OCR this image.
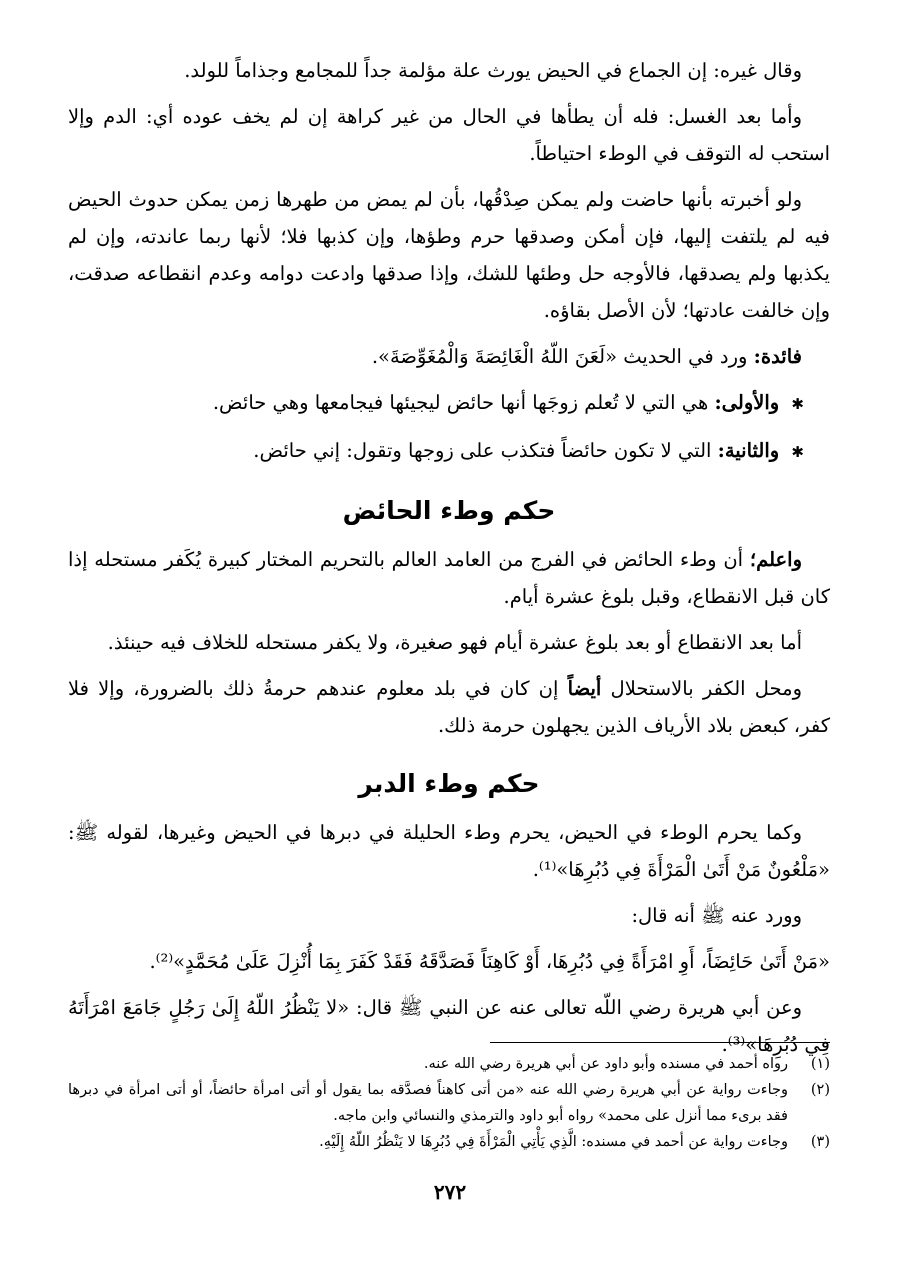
وقال غيره: إن الجماع في الحيض يورث علة مؤلمة جداً للمجامع وجذاماً للولد.

وأما بعد الغسل: فله أن يطأها في الحال من غير كراهة إن لم يخف عوده أي: الدم وإلا استحب له التوقف في الوطء احتياطاً.

ولو أخبرته بأنها حاضت ولم يمكن صِدْقُها، بأن لم يمض من طهرها زمن يمكن حدوث الحيض فيه لم يلتفت إليها، فإن أمكن وصدقها حرم وطؤها، وإن كذبها فلا؛ لأنها ربما عاندته، وإن لم يكذبها ولم يصدقها، فالأوجه حل وطئها للشك، وإذا صدقها وادعت دوامه وعدم انقطاعه صدقت، وإن خالفت عادتها؛ لأن الأصل بقاؤه.

فائدة: ورد في الحديث «لَعَنَ اللّهُ الْغَائِصَةَ وَالْمُغَوِّصَةَ».

✱ والأولى: هي التي لا تُعلم زوجَها أنها حائض ليجيئها فيجامعها وهي حائض.

✱ والثانية: التي لا تكون حائضاً فتكذب على زوجها وتقول: إني حائض.

حكم وطء الحائض

واعلم؛ أن وطء الحائض في الفرج من العامد العالم بالتحريم المختار كبيرة يُكَفر مستحله إذا كان قبل الانقطاع، وقبل بلوغ عشرة أيام.

أما بعد الانقطاع أو بعد بلوغ عشرة أيام فهو صغيرة، ولا يكفر مستحله للخلاف فيه حينئذ.

ومحل الكفر بالاستحلال أيضاً إن كان في بلد معلوم عندهم حرمةُ ذلك بالضرورة، وإلا فلا كفر، كبعض بلاد الأرياف الذين يجهلون حرمة ذلك.

حكم وطء الدبر

وكما يحرم الوطء في الحيض، يحرم وطء الحليلة في دبرها في الحيض وغيرها، لقوله ﷺ: «مَلْعُونٌ مَنْ أَتَىٰ الْمَرْأَةَ فِي دُبُرِهَا»⁽¹⁾.

وورد عنه ﷺ أنه قال:

«مَنْ أَتَىٰ حَائِضَاً، أَوِ امْرَأَةً فِي دُبُرِهَا، أَوْ كَاهِنَاً فَصَدَّقَهُ فَقَدْ كَفَرَ بِمَا أُنْزِلَ عَلَىٰ مُحَمَّدٍ»⁽²⁾.

وعن أبي هريرة رضي اللّه تعالى عنه عن النبي ﷺ قال: «لا يَنْظُرُ اللّهُ إِلَىٰ رَجُلٍ جَامَعَ امْرَأَتَهُ فِي دُبُرِهَا»⁽³⁾.

(١)
رواه أحمد في مسنده وأبو داود عن أبي هريرة رضي الله عنه.
(٢)
وجاءت رواية عن أبي هريرة رضي الله عنه «من أتى كاهناً فصدَّقه بما يقول أو أتى امرأة حائضاً، أو أتى امرأة في دبرها فقد برىء مما أنزل على محمد» رواه أبو داود والترمذي والنسائي وابن ماجه.
(٣)
وجاءت رواية عن أحمد في مسنده: الَّذِي يَأْتِي الْمَرْأَةَ فِي دُبُرِهَا لا يَنْظُرُ اللّهُ إِلَيْهِ.
٢٧٢
